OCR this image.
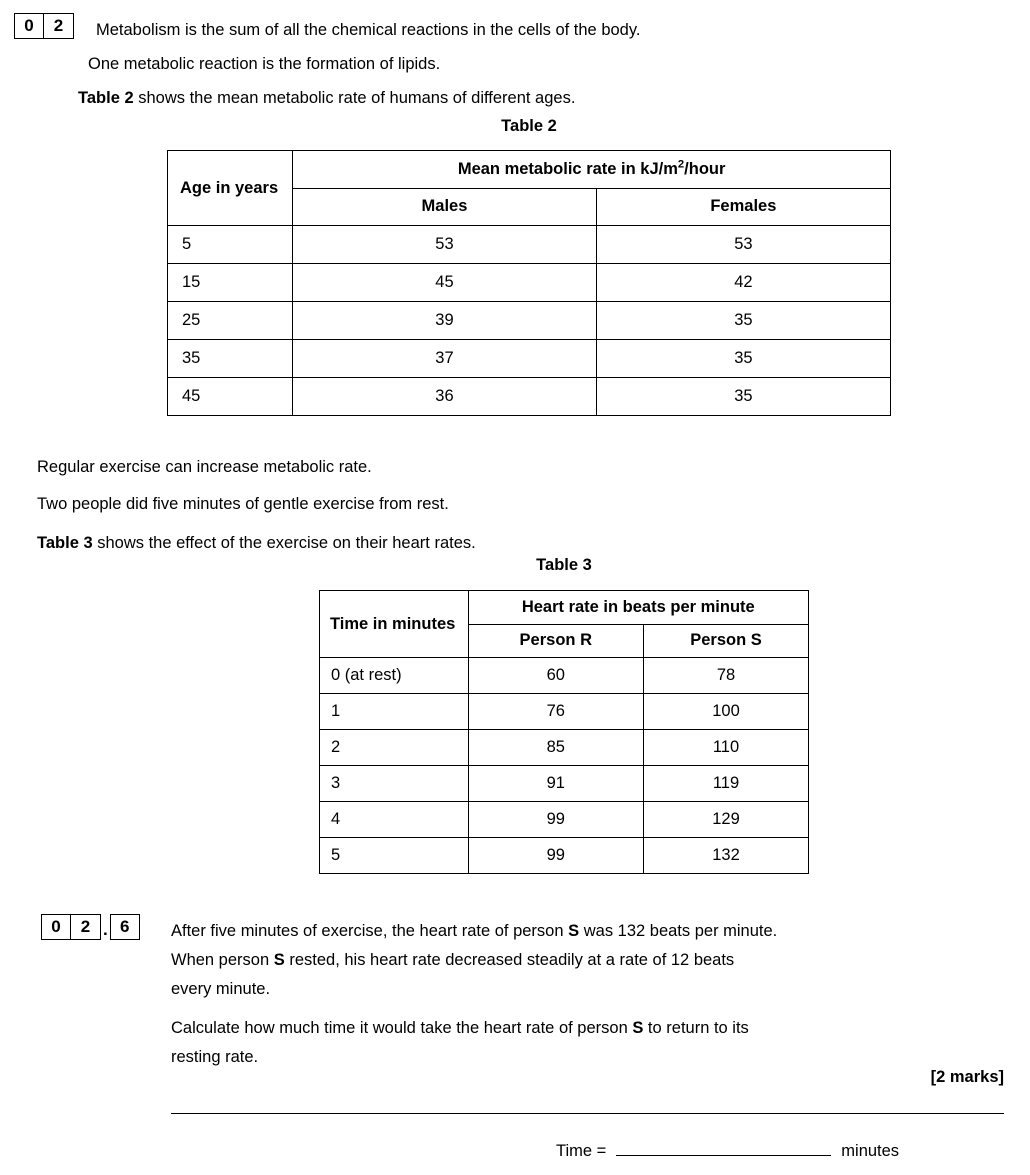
0	2	Metabolism is the sum of all the chemical reactions in the cells of the body.
One metabolic reaction is the formation of lipids.
Table 2 shows the mean metabolic rate of humans of different ages.
Table 2
Age in years	Mean metabolic rate in $kJ/m^2$/hour	
	Males	Females
5	53	53
15	45	42
25	39	35
35	37	35
45	36	35
Regular exercise can increase metabolic rate.
Two people did five minutes of gentle exercise from rest.
Table 3 shows the effect of the exercise on their heart rates.
Table 3
Time in minutes	Heart rate in beats per minute	
	Person R	Person S
0 (at rest)	60	78
1	76	100
2	85	110
3	91	119
4	99	129
5	99	132
0	2 . 6	After five minutes of exercise, the heart rate of person S was 132 beats per minute.
When person S rested, his heart rate decreased steadily at a rate of 12 beats
every minute.
Calculate how much time it would take the heart rate of person S to return to its
resting rate.
[2 marks]
Time =	minutes
